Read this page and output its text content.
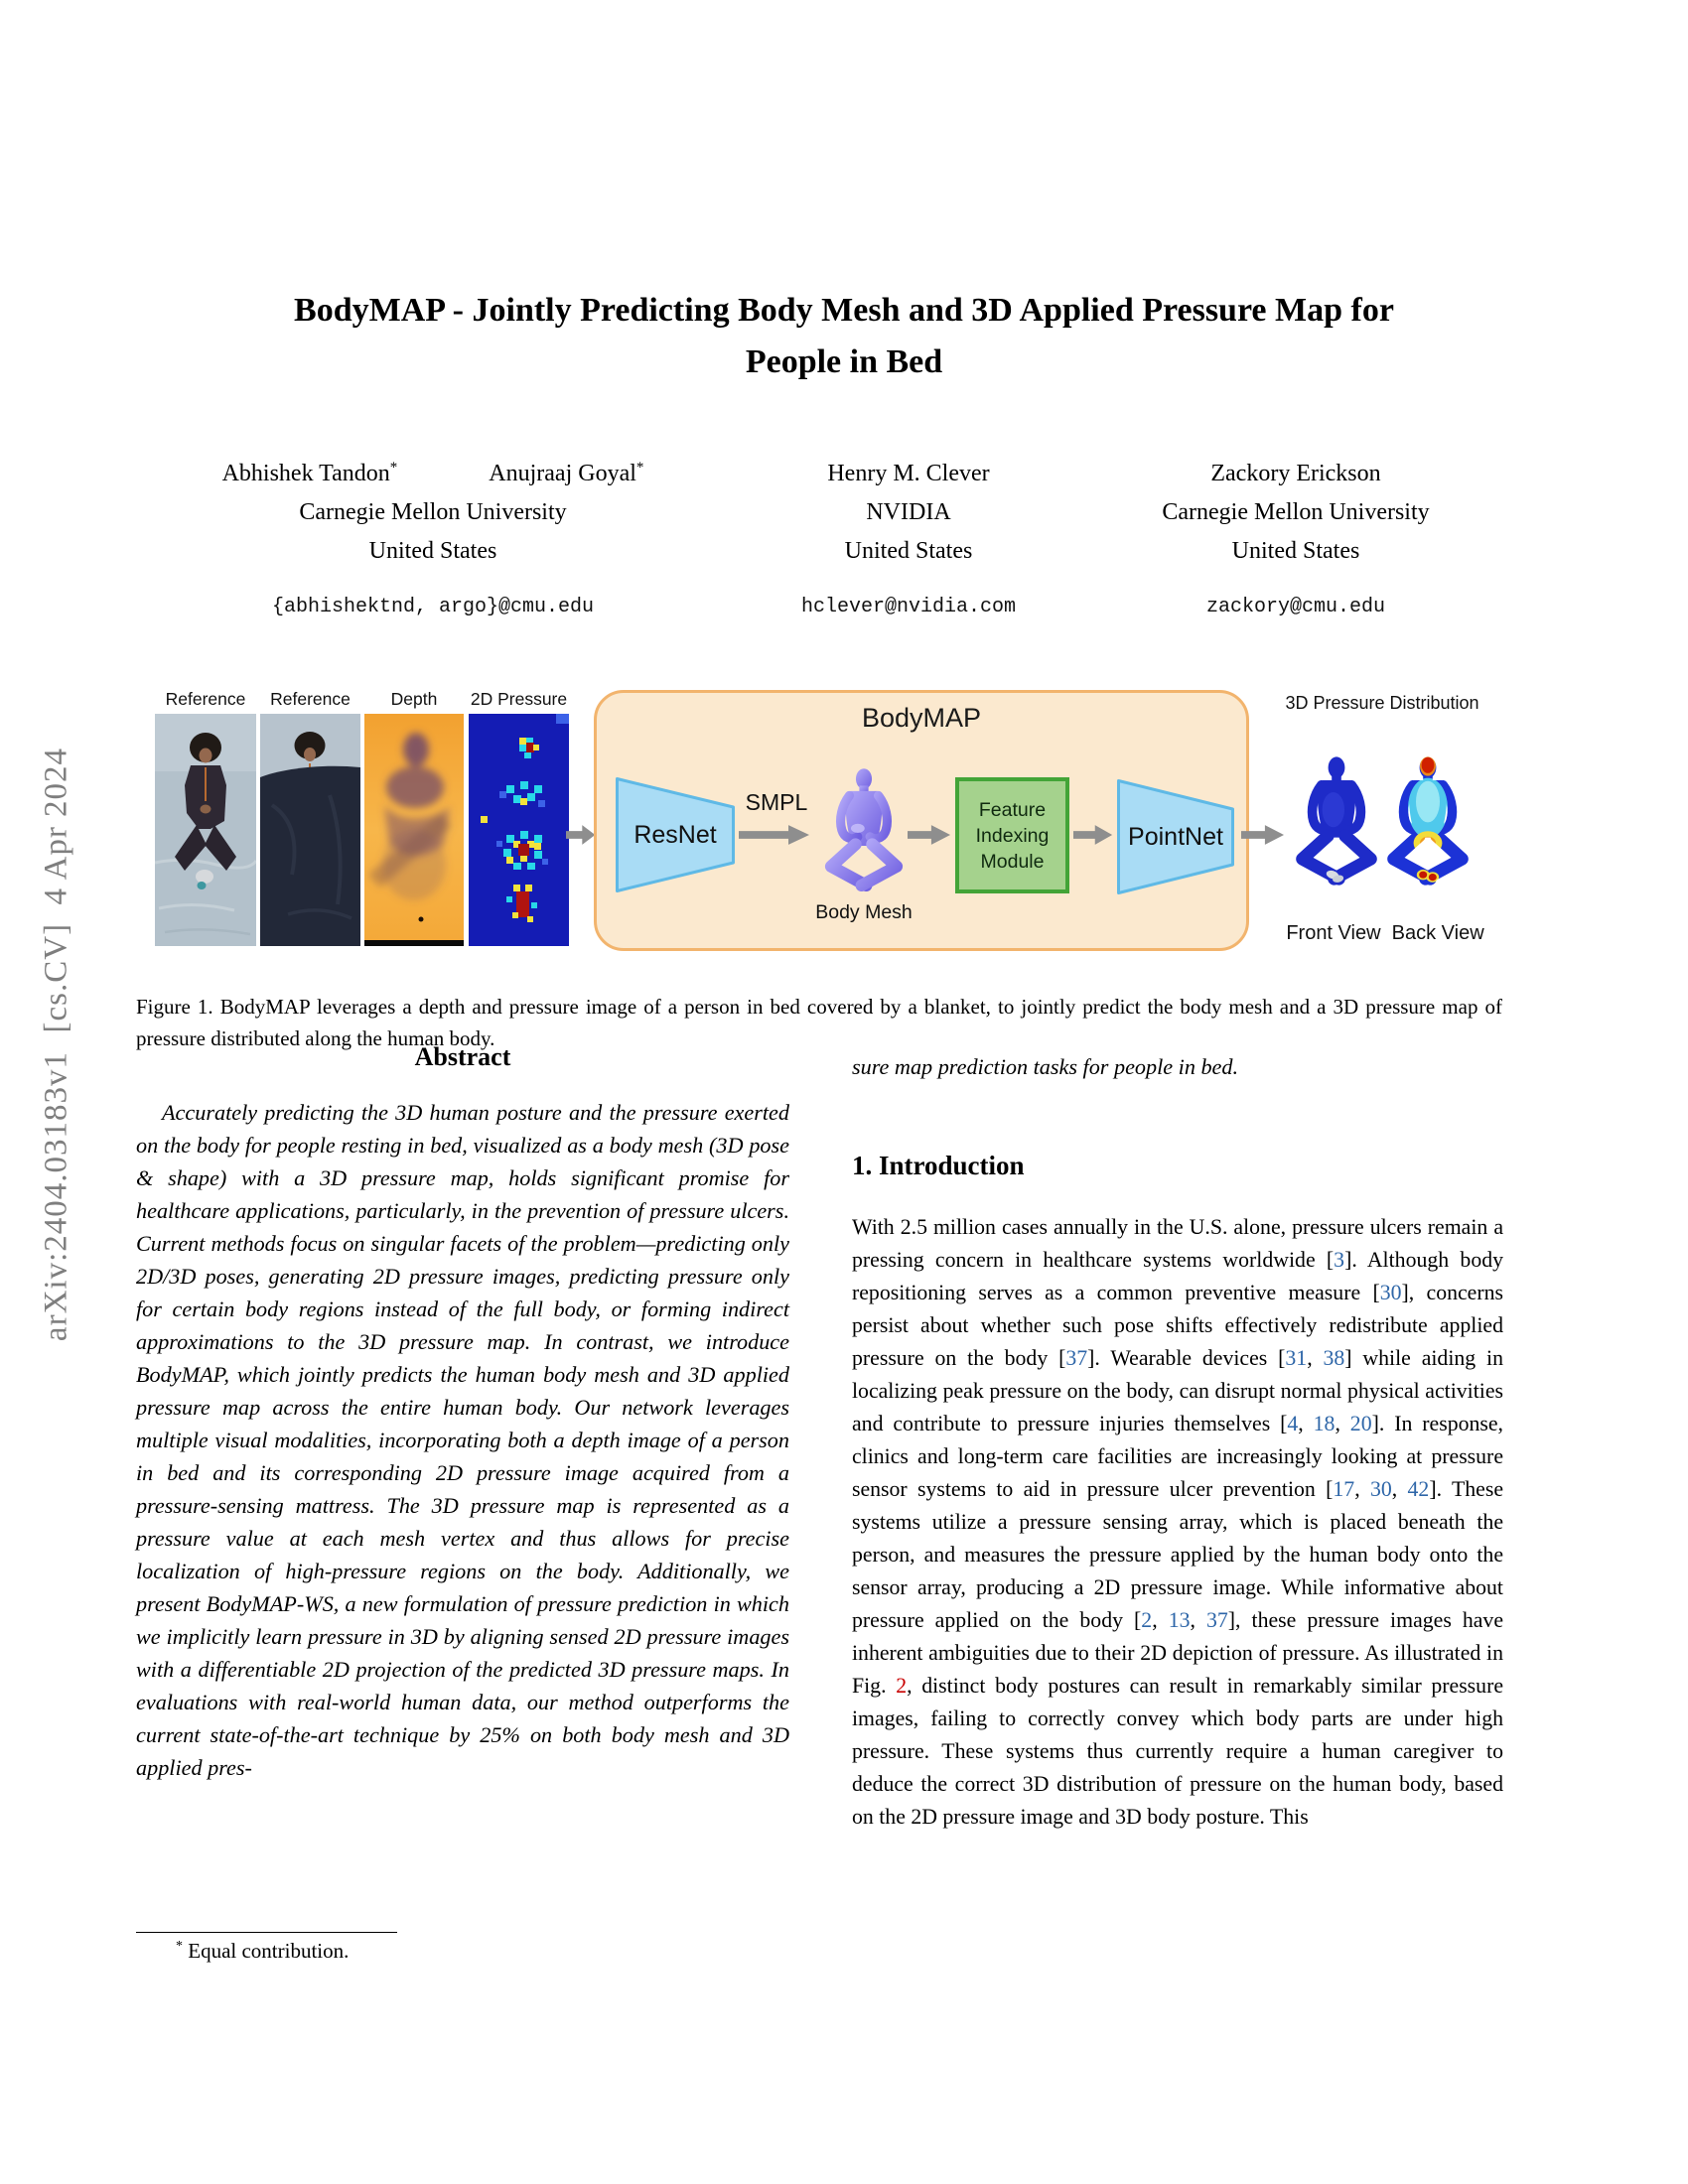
arXiv:2404.03183v1  [cs.CV]  4 Apr 2024
BodyMAP - Jointly Predicting Body Mesh and 3D Applied Pressure Map for
People in Bed
Abhishek Tandon*	Anujraaj Goyal*
Carnegie Mellon University
United States
{abhishektnd, argo}@cmu.edu
Henry M. Clever
NVIDIA
United States
hclever@nvidia.com
Zackory Erickson
Carnegie Mellon University
United States
zackory@cmu.edu
Reference	Reference	Depth	2D Pressure
BodyMAP
ResNet
SMPL
Body Mesh
Feature
Indexing
Module
PointNet
3D Pressure Distribution
Front View  Back View
Figure 1. BodyMAP leverages a depth and pressure image of a person in bed covered by a blanket, to jointly predict the body mesh and a 3D pressure map of pressure distributed along the human body.
Abstract

Accurately predicting the 3D human posture and the pressure exerted on the body for people resting in bed, visualized as a body mesh (3D pose & shape) with a 3D pressure map, holds significant promise for healthcare applications, particularly, in the prevention of pressure ulcers. Current methods focus on singular facets of the problem—predicting only 2D/3D poses, generating 2D pressure images, predicting pressure only for certain body regions instead of the full body, or forming indirect approximations to the 3D pressure map. In contrast, we introduce BodyMAP, which jointly predicts the human body mesh and 3D applied pressure map across the entire human body. Our network leverages multiple visual modalities, incorporating both a depth image of a person in bed and its corresponding 2D pressure image acquired from a pressure-sensing mattress. The 3D pressure map is represented as a pressure value at each mesh vertex and thus allows for precise localization of high-pressure regions on the body. Additionally, we present BodyMAP-WS, a new formulation of pressure prediction in which we implicitly learn pressure in 3D by aligning sensed 2D pressure images with a differentiable 2D projection of the predicted 3D pressure maps. In evaluations with real-world human data, our method outperforms the current state-of-the-art technique by 25% on both body mesh and 3D applied pres-

sure map prediction tasks for people in bed.

1. Introduction

With 2.5 million cases annually in the U.S. alone, pressure ulcers remain a pressing concern in healthcare systems worldwide [3]. Although body repositioning serves as a common preventive measure [30], concerns persist about whether such pose shifts effectively redistribute applied pressure on the body [37]. Wearable devices [31, 38] while aiding in localizing peak pressure on the body, can disrupt normal physical activities and contribute to pressure injuries themselves [4, 18, 20]. In response, clinics and long-term care facilities are increasingly looking at pressure sensor systems to aid in pressure ulcer prevention [17, 30, 42]. These systems utilize a pressure sensing array, which is placed beneath the person, and measures the pressure applied by the human body onto the sensor array, producing a 2D pressure image. While informative about pressure applied on the body [2, 13, 37], these pressure images have inherent ambiguities due to their 2D depiction of pressure. As illustrated in Fig. 2, distinct body postures can result in remarkably similar pressure images, failing to correctly convey which body parts are under high pressure. These systems thus currently require a human caregiver to deduce the correct 3D distribution of pressure on the human body, based on the 2D pressure image and 3D body posture. This

* Equal contribution.
